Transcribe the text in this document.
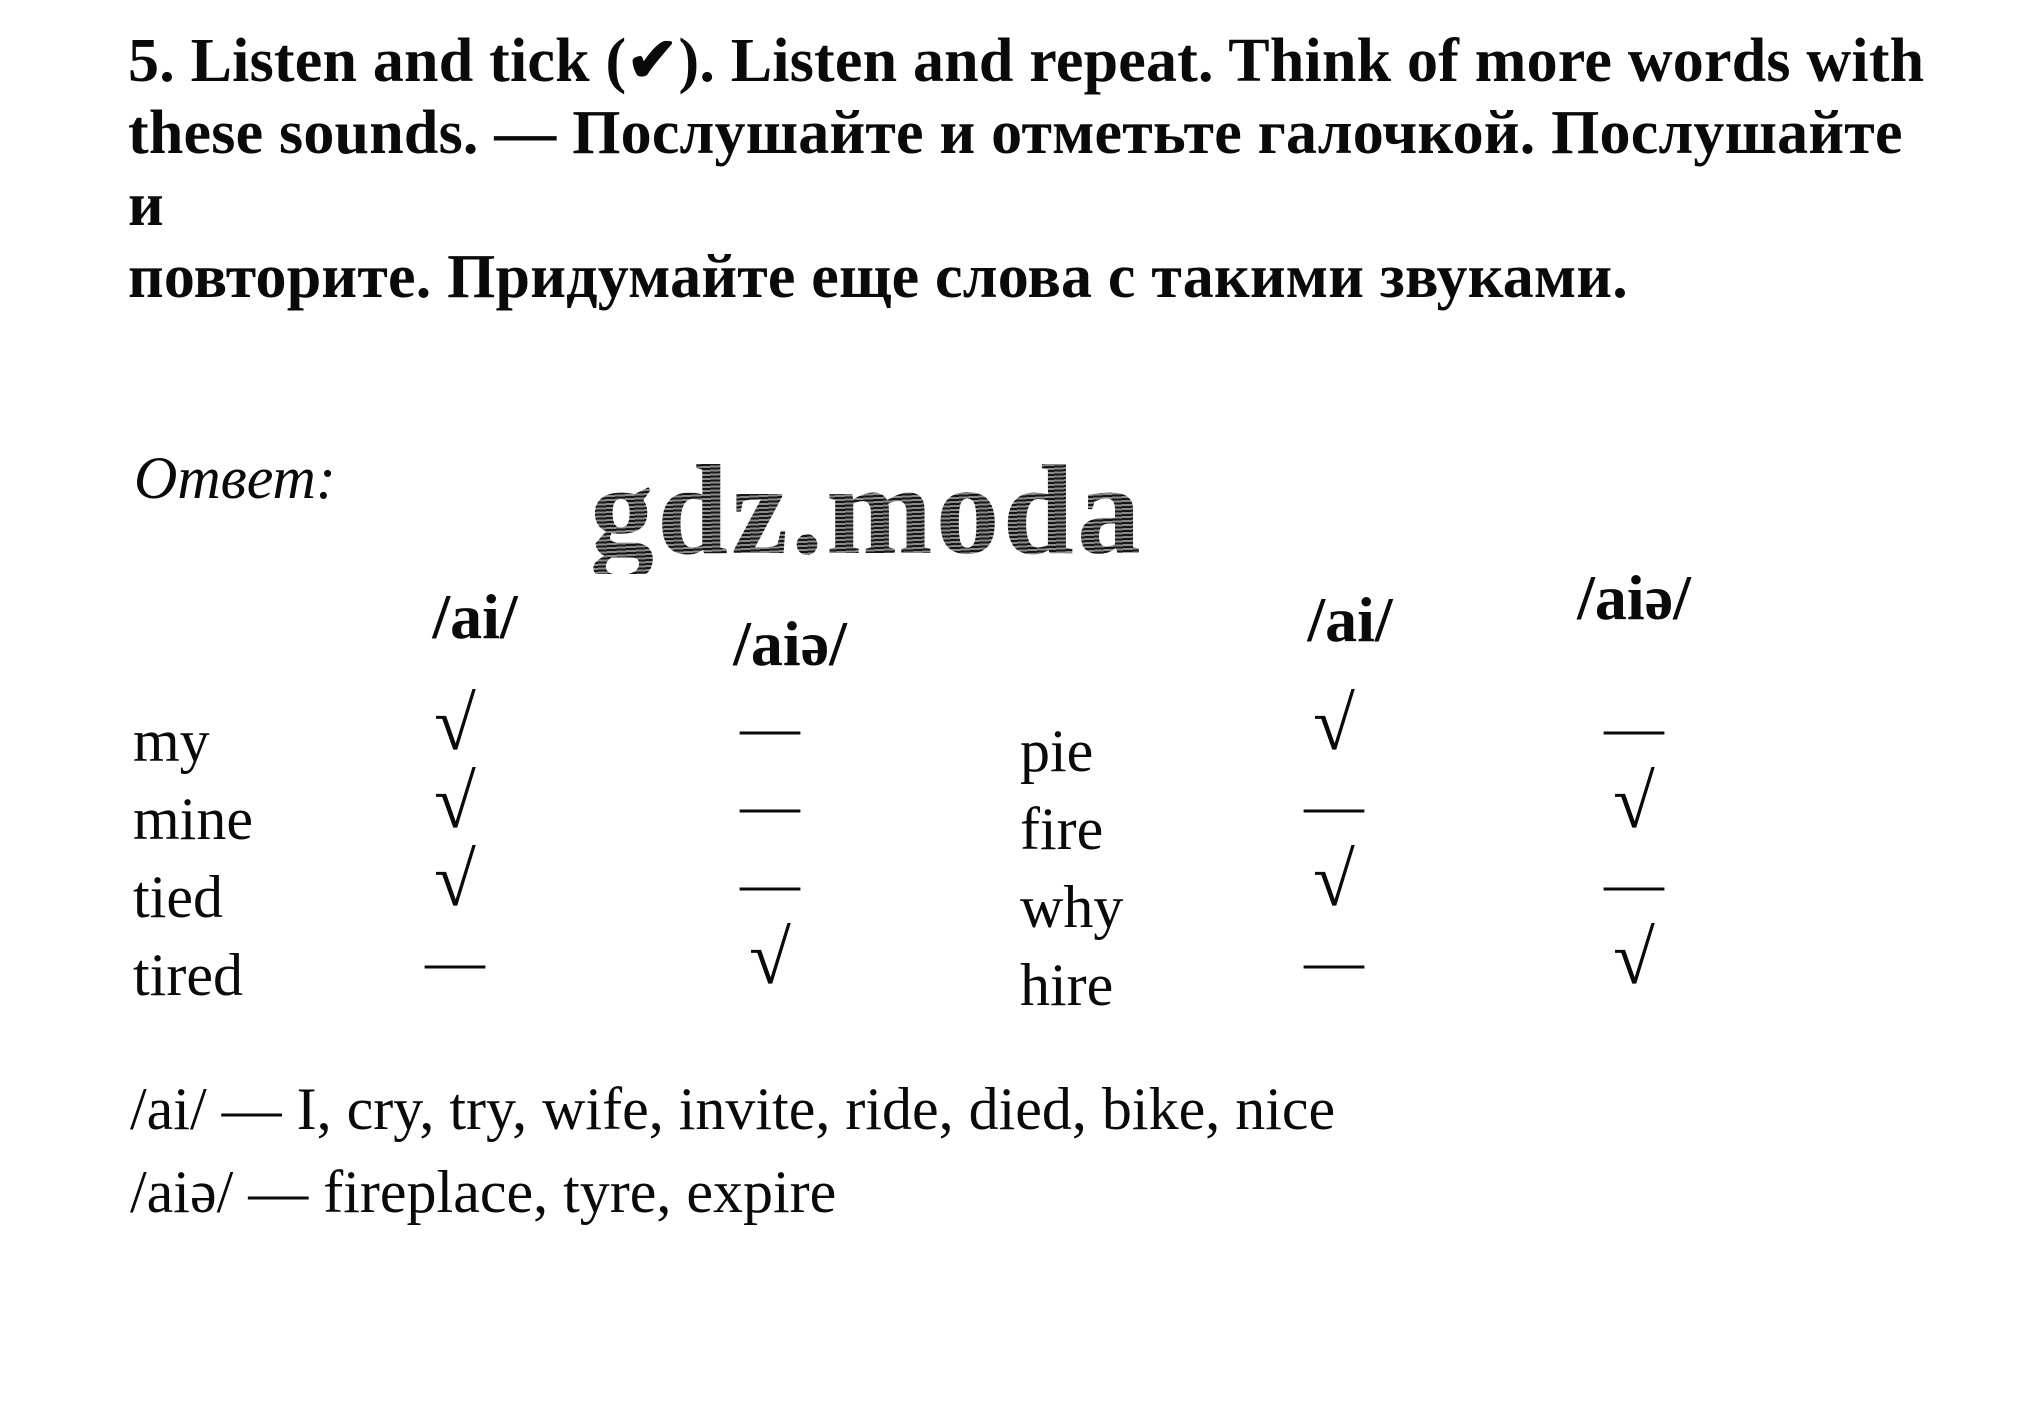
5. Listen and tick (✔). Listen and repeat. Think of more words with
these sounds. — Послушайте и отметьте галочкой. Послушайте и
повторите. Придумайте еще слова с такими звуками.
Ответ: gdz.moda
/ai/	/aiə/	/ai/	/aiə/
my	√	—	pie	√	—
mine	√	—	fire	—	√
tied	√	—	why	√	—
tired	—	√	hire	—	√
/ai/ — I, cry, try, wife, invite, ride, died, bike, nice
/aiə/ — fireplace, tyre, expire
